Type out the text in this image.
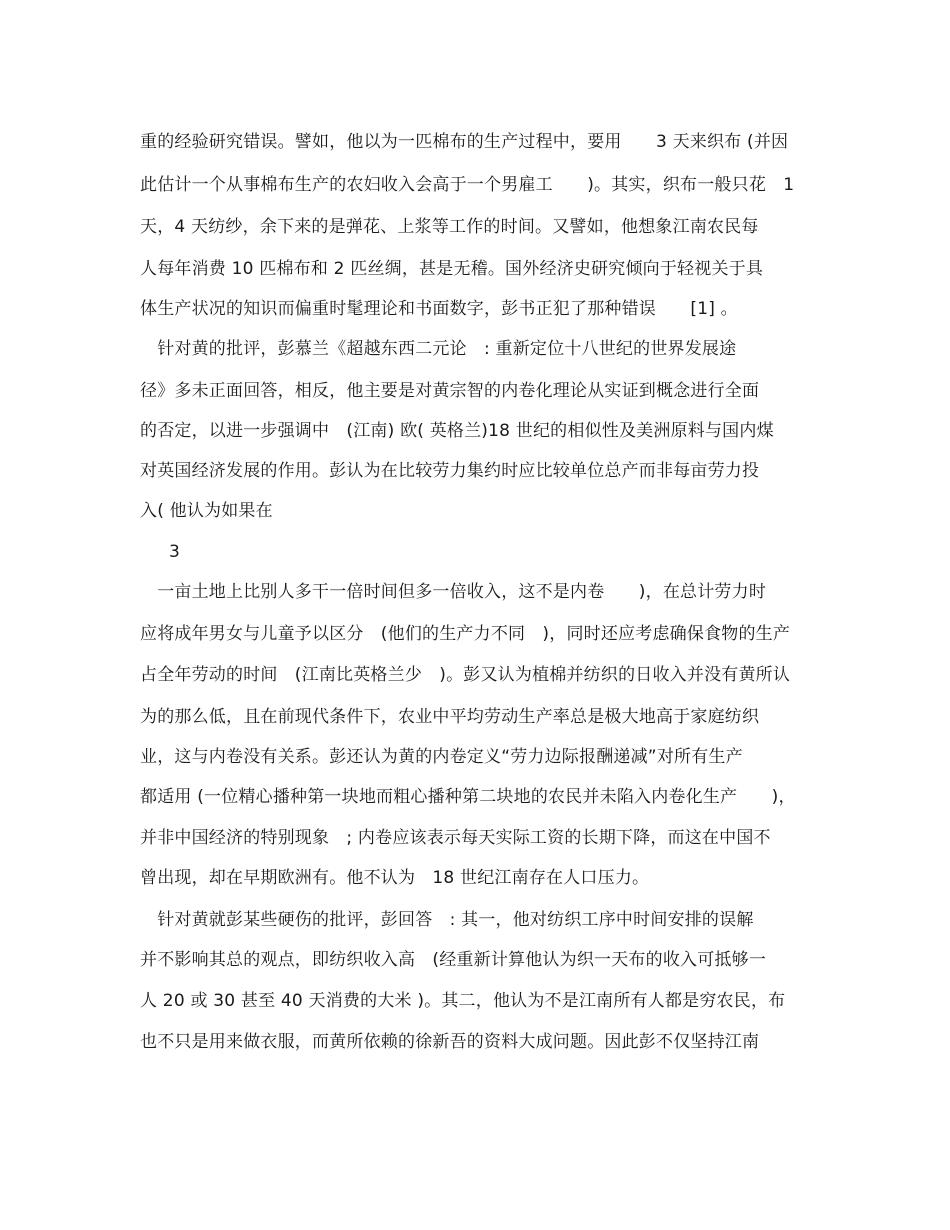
重的经验研究错误。譬如，他以为一匹棉布的生产过程中，要用　　3 天来织布 (并因
此估计一个从事棉布生产的农妇收入会高于一个男雇工　　)。其实，织布一般只花　1
天，4 天纺纱，余下来的是弹花、上浆等工作的时间。又譬如，他想象江南农民每
人每年消费 10 匹棉布和 2 匹丝绸，甚是无稽。国外经济史研究倾向于轻视关于具
体生产状况的知识而偏重时髦理论和书面数字，彭书正犯了那种错误　　[1] 。
　针对黄的批评，彭慕兰《超越东西二元论　: 重新定位十八世纪的世界发展途
径》多未正面回答，相反，他主要是对黄宗智的内卷化理论从实证到概念进行全面
的否定，以进一步强调中　(江南) 欧( 英格兰)18 世纪的相似性及美洲原料与国内煤
对英国经济发展的作用。彭认为在比较劳力集约时应比较单位总产而非每亩劳力投
入( 他认为如果在
3
　一亩土地上比别人多干一倍时间但多一倍收入，这不是内卷　　)，在总计劳力时
应将成年男女与儿童予以区分　(他们的生产力不同　)，同时还应考虑确保食物的生产
占全年劳动的时间　(江南比英格兰少　)。彭又认为植棉并纺织的日收入并没有黄所认
为的那么低，且在前现代条件下，农业中平均劳动生产率总是极大地高于家庭纺织
业，这与内卷没有关系。彭还认为黄的内卷定义“劳力边际报酬递减”对所有生产
都适用 (一位精心播种第一块地而粗心播种第二块地的农民并未陷入内卷化生产　　)，
并非中国经济的特别现象　; 内卷应该表示每天实际工资的长期下降，而这在中国不
曾出现，却在早期欧洲有。他不认为　18 世纪江南存在人口压力。
　针对黄就彭某些硬伤的批评，彭回答　: 其一，他对纺织工序中时间安排的误解
并不影响其总的观点，即纺织收入高　(经重新计算他认为织一天布的收入可抵够一
人 20 或 30 甚至 40 天消费的大米 )。其二，他认为不是江南所有人都是穷农民，布
也不只是用来做衣服，而黄所依赖的徐新吾的资料大成问题。因此彭不仅坚持江南
